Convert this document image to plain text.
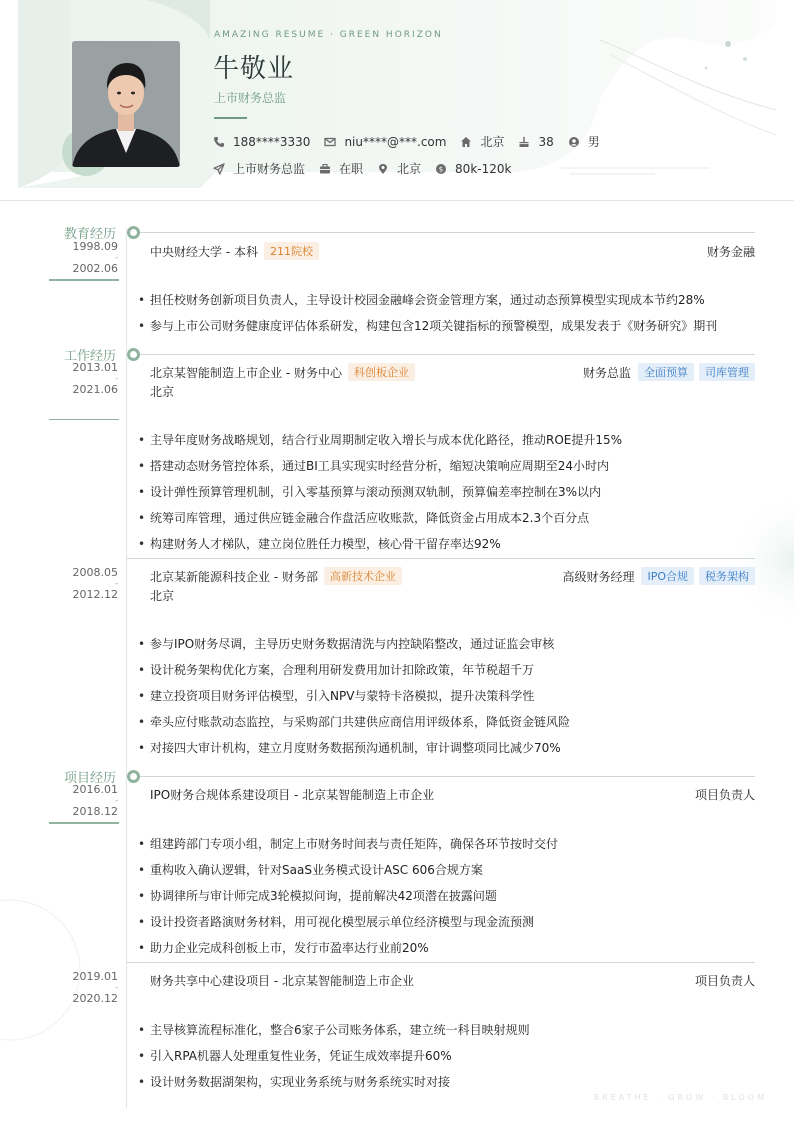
AMAZING RESUME · GREEN HORIZON
牛敬业
上市财务总监
188****3330	niu****@***.com	北京	38	男
上市财务总监	在职	北京	$ 80k-120k
教育经历
1998.09
-
2002.06
中央财经大学 - 本科	211院校	财务金融
• 担任校财务创新项目负责人，主导设计校园金融峰会资金管理方案，通过动态预算模型实现成本节约28%
• 参与上市公司财务健康度评估体系研发，构建包含12项关键指标的预警模型，成果发表于《财务研究》期刊
工作经历
2013.01
-
2021.06
北京某智能制造上市企业 - 财务中心	科创板企业	财务总监	全面预算	司库管理
北京
• 主导年度财务战略规划，结合行业周期制定收入增长与成本优化路径，推动ROE提升15%
• 搭建动态财务管控体系，通过BI工具实现实时经营分析，缩短决策响应周期至24小时内
• 设计弹性预算管理机制，引入零基预算与滚动预测双轨制，预算偏差率控制在3%以内
• 统筹司库管理，通过供应链金融合作盘活应收账款，降低资金占用成本2.3个百分点
• 构建财务人才梯队，建立岗位胜任力模型，核心骨干留存率达92%
2008.05
-
2012.12
北京某新能源科技企业 - 财务部	高新技术企业	高级财务经理	IPO合规	税务架构
北京
• 参与IPO财务尽调，主导历史财务数据清洗与内控缺陷整改，通过证监会审核
• 设计税务架构优化方案，合理利用研发费用加计扣除政策，年节税超千万
• 建立投资项目财务评估模型，引入NPV与蒙特卡洛模拟，提升决策科学性
• 牵头应付账款动态监控，与采购部门共建供应商信用评级体系，降低资金链风险
• 对接四大审计机构，建立月度财务数据预沟通机制，审计调整项同比减少70%
项目经历
2016.01
-
2018.12
IPO财务合规体系建设项目 - 北京某智能制造上市企业	项目负责人
• 组建跨部门专项小组，制定上市财务时间表与责任矩阵，确保各环节按时交付
• 重构收入确认逻辑，针对SaaS业务模式设计ASC 606合规方案
• 协调律所与审计师完成3轮模拟问询，提前解决42项潜在披露问题
• 设计投资者路演财务材料，用可视化模型展示单位经济模型与现金流预测
• 助力企业完成科创板上市，发行市盈率达行业前20%
2019.01
-
2020.12
财务共享中心建设项目 - 北京某智能制造上市企业	项目负责人
• 主导核算流程标准化，整合6家子公司账务体系，建立统一科目映射规则
• 引入RPA机器人处理重复性业务，凭证生成效率提升60%
• 设计财务数据湖架构，实现业务系统与财务系统实时对接
BREATHE · GROW · BLOOM
